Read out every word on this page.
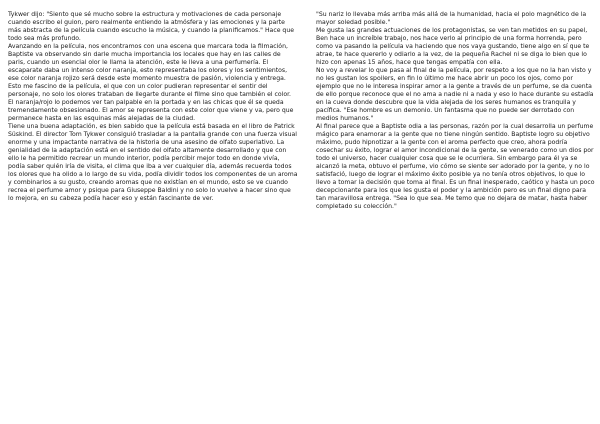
Tykwer dijo: "Siento que sé mucho sobre la estructura y motivaciones de cada personaje cuando escribo el guion, pero realmente entiendo la atmósfera y las emociones y la parte más abstracta de la película cuando escucho la música, y cuando la planificamos." Hace que todo sea más profundo.

Avanzando en la película, nos encontramos con una escena que marcara toda la filmación, Baptiste va observando sin darle mucha importancia los locales que hay en las calles de paris, cuando un esencial olor le llama la atención, este le lleva a una perfumería. El escaparate daba un intenso color naranja, esto representaba los olores y los sentimientos, ese color naranja rojizo será desde este momento muestra de pasión, violencia y entrega. Esto me fascino de la película, el que con un color pudieran representar el sentir del personaje, no solo los olores trataban de llegarte durante el filme sino que también el color. El naranja/rojo lo podemos ver tan palpable en la portada y en las chicas que él se queda tremendamente obsesionado. El amor se representa con este color que viene y va, pero que permanece hasta en las esquinas más alejadas de la ciudad.

Tiene una buena adaptación, es bien sabido que la película está basada en el libro de Patrick Süskind. El director Tom Tykwer consiguió trasladar a la pantalla grande con una fuerza visual enorme y una impactante narrativa de la historia de una asesino de olfato superlativo. La genialidad de la adaptación está en el sentido del olfato altamente desarrollado y que con ello le ha permitido recrear un mundo interior, podía percibir mejor todo en donde vivía, podía saber quién iría de visita, el clima que iba a ver cualquier día, además recuerda todos los olores que ha olido a lo largo de su vida, podía dividir todos los componentes de un aroma y combinarlos a su gusto, creando aromas que no existían en el mundo, esto se ve cuando recrea el perfume amor y psique para Giuseppe Baldini y no solo lo vuelve a hacer sino que lo mejora, en su cabeza podía hacer eso y están fascinante de ver.

"Su nariz lo llevaba más arriba más allá de la humanidad, hacia el polo magnético de la mayor soledad posible."

Me gusta las grandes actuaciones de los protagonistas, se ven tan metidos en su papel, Ben hace un increíble trabajo, nos hace verlo al principio de una forma horrenda, pero como va pasando la película va haciendo que nos vaya gustando, tiene algo en sí que te atrae, te hace quererlo y odiarlo a la vez, de la pequeña Rachel ni se diga lo bien que lo hizo con apenas 15 años, hace que tengas empatía con ella.

No voy a revelar lo que pasa al final de la película, por respeto a los que no la han visto y no les gustan los spoilers, en fin lo último me hace abrir un poco los ojos, como por ejemplo que no le interesa inspirar amor a la gente a través de un perfume, se da cuenta de ello porque reconoce que el no ama a nadie ni a nada y eso lo hace durante su estadía en la cueva donde descubre que la vida alejada de los seres humanos es tranquila y pacífica. "Ese hombre es un demonio. Un fantasma que no puede ser derrotado con medios humanos."

Al final parece que a Baptiste odia a las personas, razón por la cual desarrolla un perfume mágico para enamorar a la gente que no tiene ningún sentido. Baptiste logro su objetivo máximo, pudo hipnotizar a la gente con el aroma perfecto que creo, ahora podría cosechar su éxito, lograr el amor incondicional de la gente, se venerado como un dios por todo el universo, hacer cualquier cosa que se le ocurriera. Sin embargo para él ya se alcanzó la meta, obtuvo el perfume, vio cómo se siente ser adorado por la gente, y no lo satisfació, luego de lograr el máximo éxito posible ya no tenía otros objetivos, lo que lo llevo a tomar la decisión que toma al final. Es un final inesperado, caótico y hasta un poco decepcionante para los que les gusta el poder y la ambición pero es un final digno para tan maravillosa entrega. "Sea lo que sea. Me temo que no dejara de matar, hasta haber completado su colección."
